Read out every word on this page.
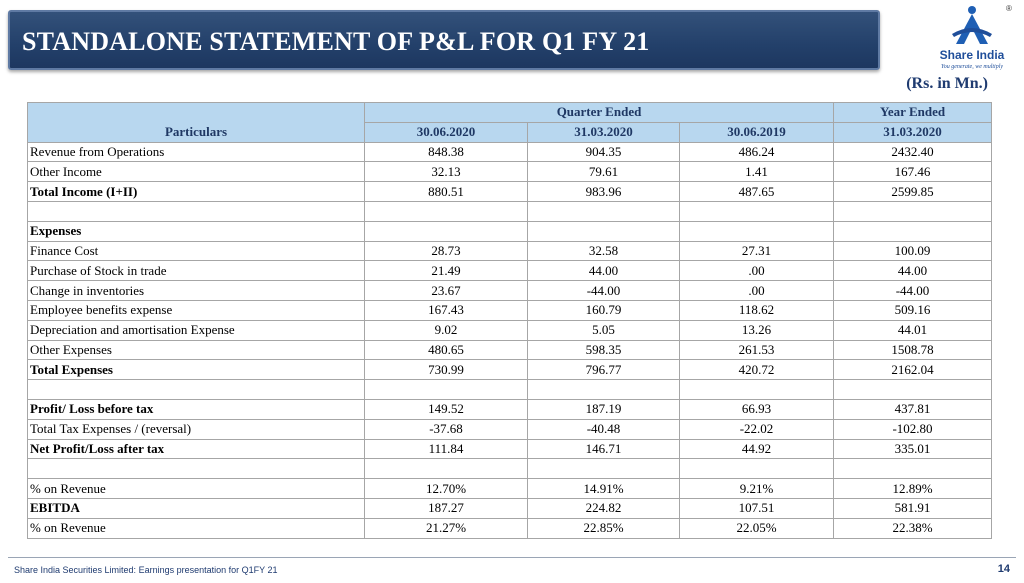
STANDALONE STATEMENT OF P&L FOR Q1 FY 21
®
Share India
You generate, we multiply
(Rs. in Mn.)
	Quarter Ended			Year Ended
Particulars	30.06.2020	31.03.2020	30.06.2019	31.03.2020
Revenue from Operations	848.38	904.35	486.24	2432.40
Other Income	32.13	79.61	1.41	167.46
Total Income (I+II)	880.51	983.96	487.65	2599.85

Expenses				
Finance Cost	28.73	32.58	27.31	100.09
Purchase of Stock in trade	21.49	44.00	.00	44.00
Change in inventories	23.67	-44.00	.00	-44.00
Employee benefits expense	167.43	160.79	118.62	509.16
Depreciation and amortisation Expense	9.02	5.05	13.26	44.01
Other Expenses	480.65	598.35	261.53	1508.78
Total Expenses	730.99	796.77	420.72	2162.04

Profit/ Loss before tax	149.52	187.19	66.93	437.81
Total Tax Expenses / (reversal)	-37.68	-40.48	-22.02	-102.80
Net Profit/Loss after tax	111.84	146.71	44.92	335.01

% on Revenue	12.70%	14.91%	9.21%	12.89%
EBITDA	187.27	224.82	107.51	581.91
% on Revenue	21.27%	22.85%	22.05%	22.38%
Share India Securities Limited: Earnings presentation for Q1FY 21	14
